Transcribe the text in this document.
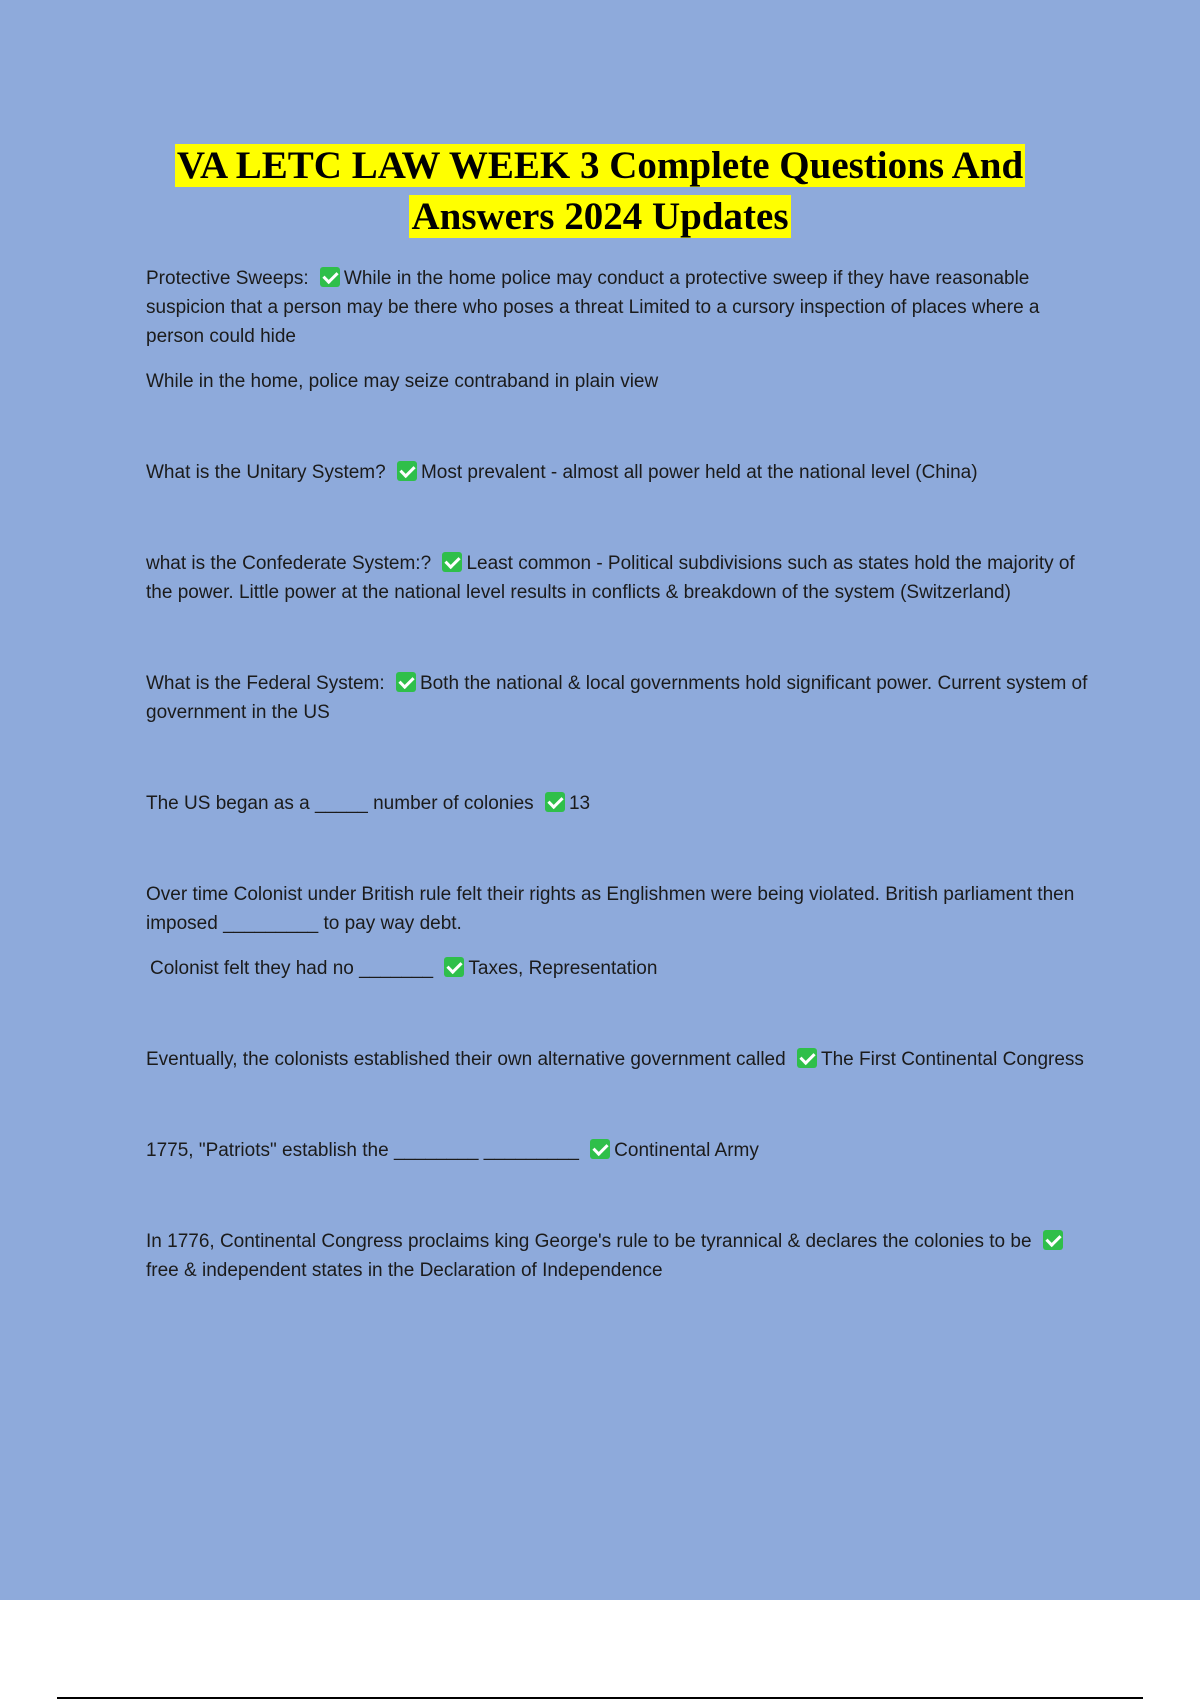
VA LETC LAW WEEK 3 Complete Questions And
Answers 2024 Updates

Protective Sweeps: While in the home police may conduct a protective sweep if they have reasonable suspicion that a person may be there who poses a threat Limited to a cursory inspection of places where a person could hide

While in the home, police may seize contraband in plain view

What is the Unitary System? Most prevalent - almost all power held at the national level (China)

what is the Confederate System:? Least common - Political subdivisions such as states hold the majority of the power. Little power at the national level results in conflicts & breakdown of the system (Switzerland)

What is the Federal System: Both the national & local governments hold significant power. Current system of government in the US

The US began as a _____ number of colonies 13

Over time Colonist under British rule felt their rights as Englishmen were being violated. British parliament then imposed _________ to pay way debt.

Colonist felt they had no _______ Taxes, Representation

Eventually, the colonists established their own alternative government called The First Continental Congress

1775, "Patriots" establish the ________ _________ Continental Army

In 1776, Continental Congress proclaims king George's rule to be tyrannical & declares the colonies to be free & independent states in the Declaration of Independence
